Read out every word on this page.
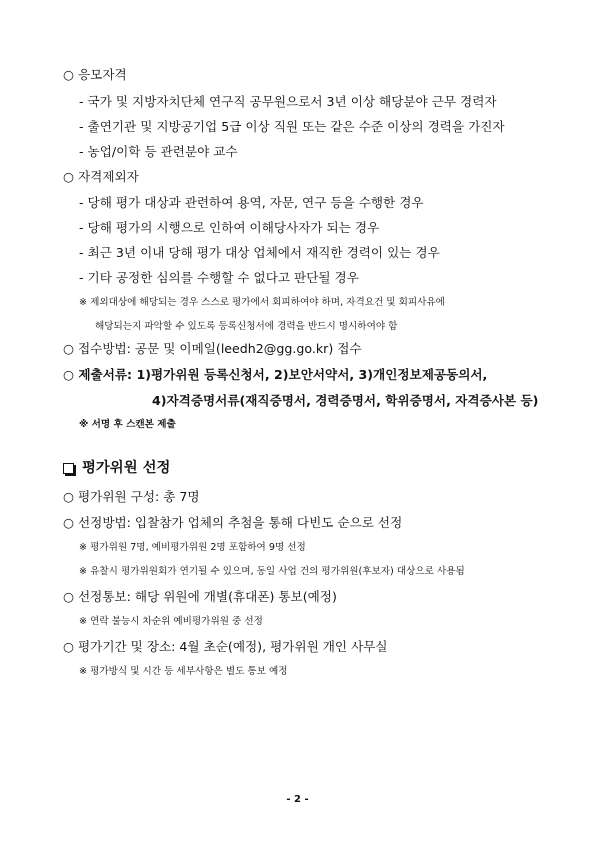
○ 응모자격
- 국가 및 지방자치단체 연구직 공무원으로서 3년 이상 해당분야 근무 경력자
- 출연기관 및 지방공기업 5급 이상 직원 또는 같은 수준 이상의 경력을 가진자
- 농업/이학 등 관련분야 교수
○ 자격제외자
- 당해 평가 대상과 관련하여 용역, 자문, 연구 등을 수행한 경우
- 당해 평가의 시행으로 인하여 이해당사자가 되는 경우
- 최근 3년 이내 당해 평가 대상 업체에서 재직한 경력이 있는 경우
- 기타 공정한 심의를 수행할 수 없다고 판단될 경우
※ 제외대상에 해당되는 경우 스스로 평가에서 회피하여야 하며, 자격요건 및 회피사유에
해당되는지 파악할 수 있도록 등록신청서에 경력을 반드시 명시하여야 함
○ 접수방법: 공문 및 이메일(leedh2@gg.go.kr) 접수
○ 제출서류: 1)평가위원 등록신청서, 2)보안서약서, 3)개인정보제공동의서,
4)자격증명서류(재직증명서, 경력증명서, 학위증명서, 자격증사본 등)
※ 서명 후 스캔본 제출
평가위원 선정
○ 평가위원 구성: 총 7명
○ 선정방법: 입찰참가 업체의 추첨을 통해 다빈도 순으로 선정
※ 평가위원 7명, 예비평가위원 2명 포함하여 9명 선정
※ 유찰시 평가위원회가 연기될 수 있으며, 동일 사업 건의 평가위원(후보자) 대상으로 사용됨
○ 선정통보: 해당 위원에 개별(휴대폰) 통보(예정)
※ 연락 불능시 차순위 예비평가위원 중 선정
○ 평가기간 및 장소: 4월 초순(예정), 평가위원 개인 사무실
※ 평가방식 및 시간 등 세부사항은 별도 통보 예정
- 2 -
